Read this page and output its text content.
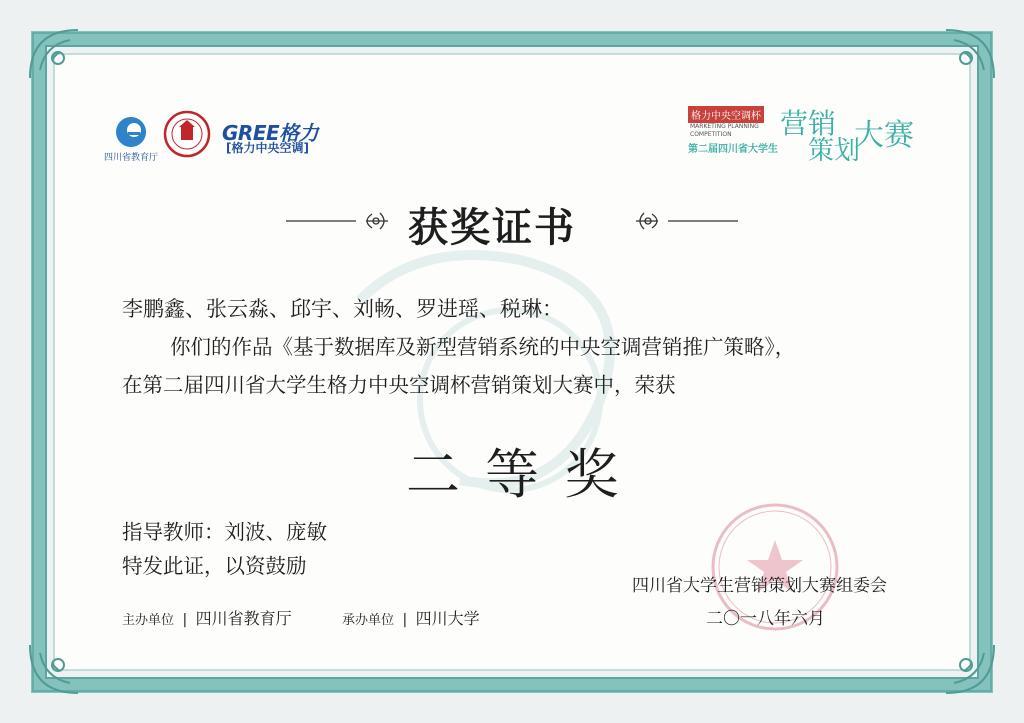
四川省教育厅
GREE格力
[格力中央空调]
格力中央空调杯
MARKETING PLANNING
COMPETITION
第二届四川省大学生
营销
策划
大赛
获奖证书
李鹏鑫、张云淼、邱宇、刘畅、罗进瑶、税琳：
你们的作品《基于数据库及新型营销系统的中央空调营销推广策略》，
在第二届四川省大学生格力中央空调杯营销策划大赛中，荣获
二 等 奖
指导教师：刘波、庞敏
特发此证，以资鼓励
四川省大学生营销策划大赛组委会
二〇一八年六月
主办单位 | 四川省教育厅	承办单位 | 四川大学
